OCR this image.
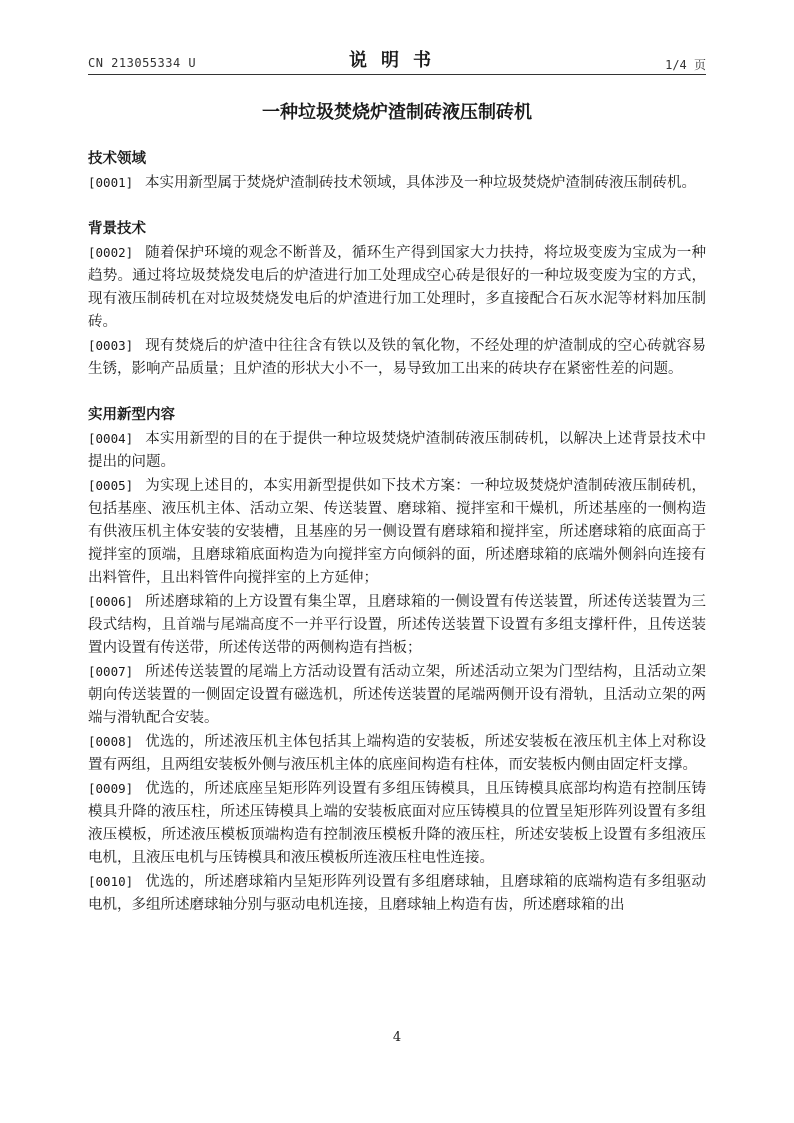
CN 213055334 U	说明书	1/4 页
一种垃圾焚烧炉渣制砖液压制砖机

技术领域

[0001] 本实用新型属于焚烧炉渣制砖技术领域，具体涉及一种垃圾焚烧炉渣制砖液压制砖机。

背景技术

[0002] 随着保护环境的观念不断普及，循环生产得到国家大力扶持，将垃圾变废为宝成为一种趋势。通过将垃圾焚烧发电后的炉渣进行加工处理成空心砖是很好的一种垃圾变废为宝的方式，现有液压制砖机在对垃圾焚烧发电后的炉渣进行加工处理时，多直接配合石灰水泥等材料加压制砖。

[0003] 现有焚烧后的炉渣中往往含有铁以及铁的氧化物，不经处理的炉渣制成的空心砖就容易生锈，影响产品质量；且炉渣的形状大小不一，易导致加工出来的砖块存在紧密性差的问题。

实用新型内容

[0004] 本实用新型的目的在于提供一种垃圾焚烧炉渣制砖液压制砖机，以解决上述背景技术中提出的问题。

[0005] 为实现上述目的，本实用新型提供如下技术方案：一种垃圾焚烧炉渣制砖液压制砖机，包括基座、液压机主体、活动立架、传送装置、磨球箱、搅拌室和干燥机，所述基座的一侧构造有供液压机主体安装的安装槽，且基座的另一侧设置有磨球箱和搅拌室，所述磨球箱的底面高于搅拌室的顶端，且磨球箱底面构造为向搅拌室方向倾斜的面，所述磨球箱的底端外侧斜向连接有出料管件，且出料管件向搅拌室的上方延伸；

[0006] 所述磨球箱的上方设置有集尘罩，且磨球箱的一侧设置有传送装置，所述传送装置为三段式结构，且首端与尾端高度不一并平行设置，所述传送装置下设置有多组支撑杆件，且传送装置内设置有传送带，所述传送带的两侧构造有挡板；

[0007] 所述传送装置的尾端上方活动设置有活动立架，所述活动立架为门型结构，且活动立架朝向传送装置的一侧固定设置有磁选机，所述传送装置的尾端两侧开设有滑轨，且活动立架的两端与滑轨配合安装。

[0008] 优选的，所述液压机主体包括其上端构造的安装板，所述安装板在液压机主体上对称设置有两组，且两组安装板外侧与液压机主体的底座间构造有柱体，而安装板内侧由固定杆支撑。

[0009] 优选的，所述底座呈矩形阵列设置有多组压铸模具，且压铸模具底部均构造有控制压铸模具升降的液压柱，所述压铸模具上端的安装板底面对应压铸模具的位置呈矩形阵列设置有多组液压模板，所述液压模板顶端构造有控制液压模板升降的液压柱，所述安装板上设置有多组液压电机，且液压电机与压铸模具和液压模板所连液压柱电性连接。

[0010] 优选的，所述磨球箱内呈矩形阵列设置有多组磨球轴，且磨球箱的底端构造有多组驱动电机，多组所述磨球轴分别与驱动电机连接，且磨球轴上构造有齿，所述磨球箱的出

4
